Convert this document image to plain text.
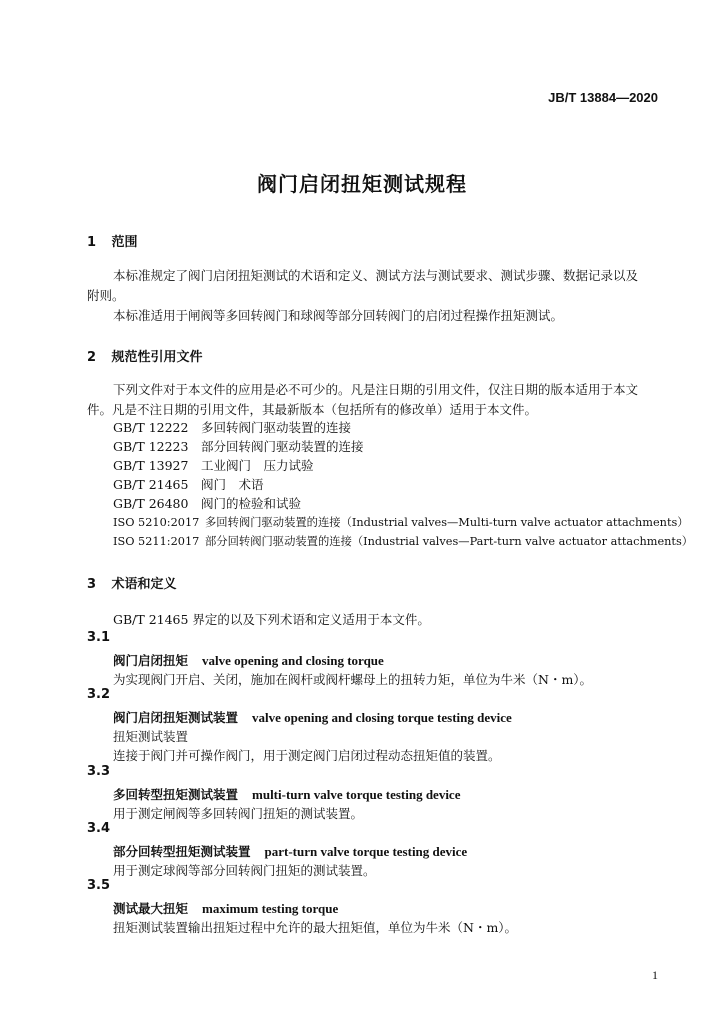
JB/T 13884—2020
阀门启闭扭矩测试规程
1 范围
本标准规定了阀门启闭扭矩测试的术语和定义、测试方法与测试要求、测试步骤、数据记录以及
附则。
本标准适用于闸阀等多回转阀门和球阀等部分回转阀门的启闭过程操作扭矩测试。
2 规范性引用文件
下列文件对于本文件的应用是必不可少的。凡是注日期的引用文件，仅注日期的版本适用于本文
件。凡是不注日期的引用文件，其最新版本（包括所有的修改单）适用于本文件。
GB/T 12222 多回转阀门驱动装置的连接
GB/T 12223 部分回转阀门驱动装置的连接
GB/T 13927 工业阀门　压力试验
GB/T 21465 阀门　术语
GB/T 26480 阀门的检验和试验
ISO 5210:2017 多回转阀门驱动装置的连接（Industrial valves—Multi-turn valve actuator attachments）
ISO 5211:2017 部分回转阀门驱动装置的连接（Industrial valves—Part-turn valve actuator attachments）
3 术语和定义
GB/T 21465 界定的以及下列术语和定义适用于本文件。
3.1
阀门启闭扭矩 valve opening and closing torque
为实现阀门开启、关闭，施加在阀杆或阀杆螺母上的扭转力矩，单位为牛米（N・m）。
3.2
阀门启闭扭矩测试装置 valve opening and closing torque testing device
扭矩测试装置
连接于阀门并可操作阀门，用于测定阀门启闭过程动态扭矩值的装置。
3.3
多回转型扭矩测试装置 multi-turn valve torque testing device
用于测定闸阀等多回转阀门扭矩的测试装置。
3.4
部分回转型扭矩测试装置 part-turn valve torque testing device
用于测定球阀等部分回转阀门扭矩的测试装置。
3.5
测试最大扭矩 maximum testing torque
扭矩测试装置输出扭矩过程中允许的最大扭矩值，单位为牛米（N・m）。
1
